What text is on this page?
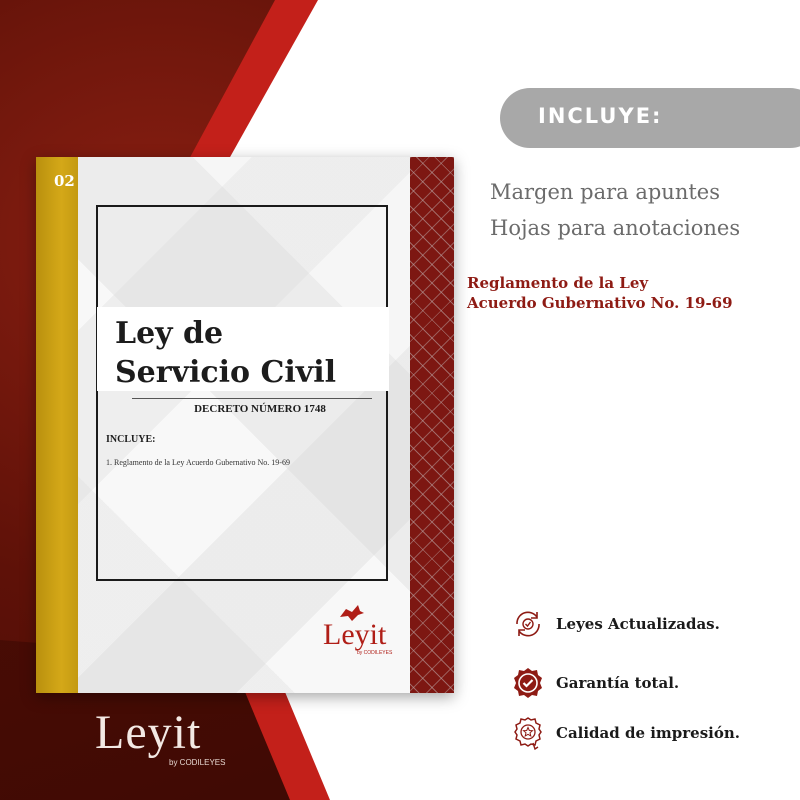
02
Ley de
Servicio Civil
DECRETO NÚMERO 1748
INCLUYE:
1. Reglamento de la Ley Acuerdo Gubernativo No. 19-69
Leyit
by CODILEYES
Leyit
by CODILEYES
INCLUYE:
Margen para apuntes
Hojas para anotaciones
Reglamento de la Ley
Acuerdo Gubernativo No. 19-69
Leyes Actualizadas.
Garantía total.
Calidad de impresión.
